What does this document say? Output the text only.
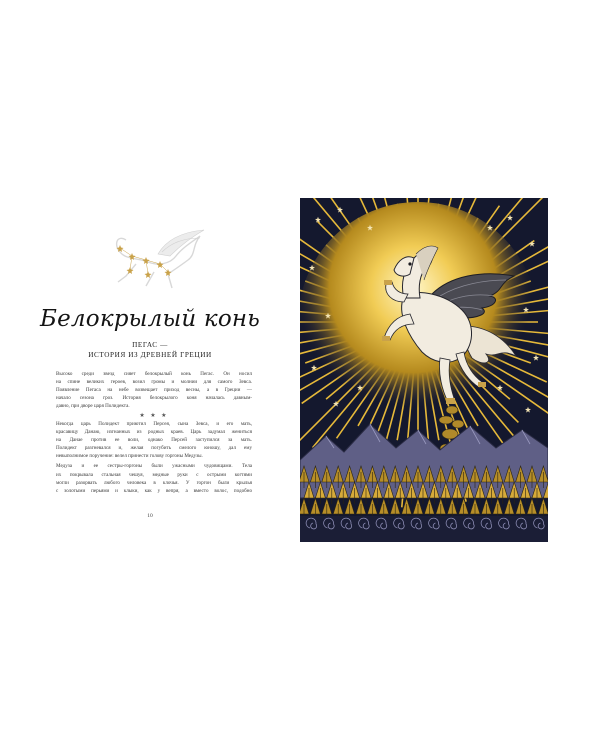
Белокрылый конь
ПЕГАС —
ИСТОРИЯ ИЗ ДРЕВНЕЙ ГРЕЦИИ
Высоко среди звезд сияет белокрылый конь Пегас. Он носил
на спине великих героев, возил громы и молнии для самого Зевса.
Появление Пегаса на небе возвещает приход весны, а в Греции —
начало сезона гроз. История белокрылого коня началась давным-
давно, при дворе царя Полидекта.
Некогда царь Полидект приютил Персея, сына Зевса, и его мать,
красавицу Данаю, изгнанных из родных краев. Царь задумал жениться
на Данае против ее воли, однако Персей заступился за мать.
Полидект разгневался и, желая погубить смелого юношу, дал ему
невыполнимое поручение: велел принести голову горгоны Медузы.
Медуза и ее сестры-горгоны были ужасными чудовищами. Тела
их покрывала стальная чешуя, медные руки с острыми когтями
могли разорвать любого человека в клочья. У горгон были крылья
с золотыми перьями и клыки, как у вепря, а вместо волос, подобно
★ ★ ★
10
